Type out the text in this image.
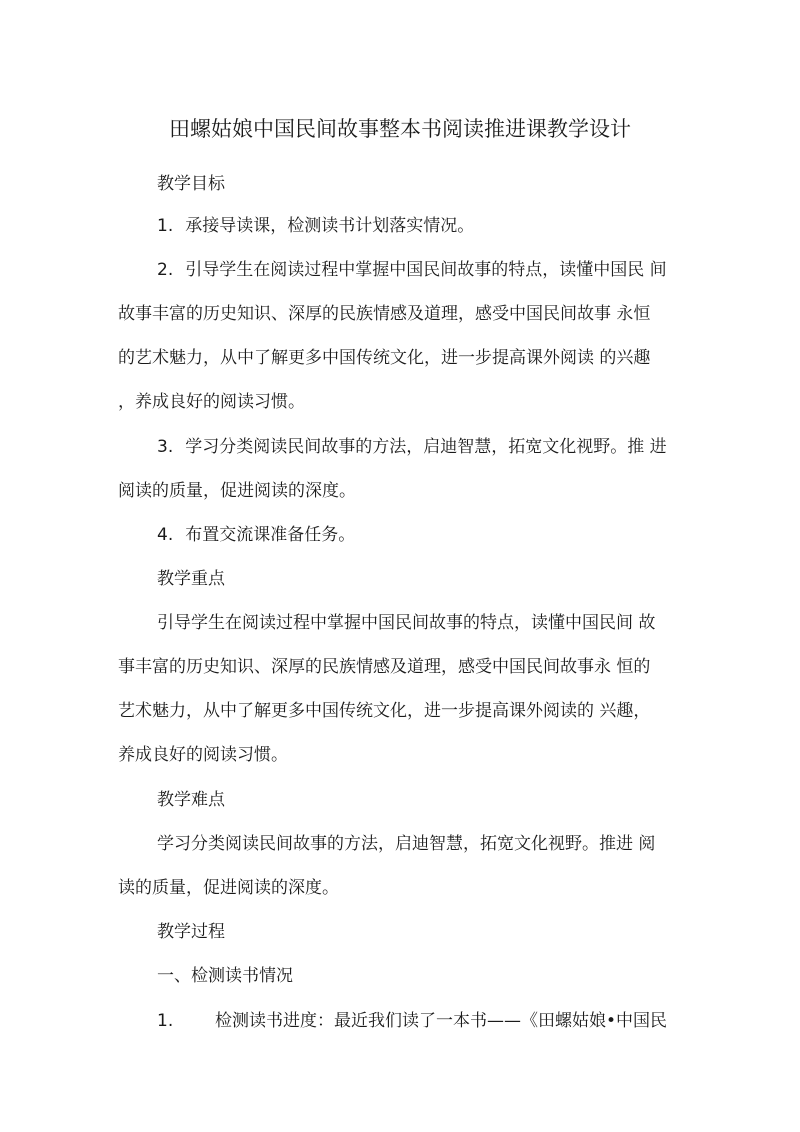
田螺姑娘中国民间故事整本书阅读推进课教学设计
教学目标
1. 承接导读课，检测读书计划落实情况。
2. 引导学生在阅读过程中掌握中国民间故事的特点，读懂中国民 间
故事丰富的历史知识、深厚的民族情感及道理，感受中国民间故事 永恒
的艺术魅力，从中了解更多中国传统文化，进一步提高课外阅读 的兴趣
，养成良好的阅读习惯。
3. 学习分类阅读民间故事的方法，启迪智慧，拓宽文化视野。推 进
阅读的质量，促进阅读的深度。
4. 布置交流课准备任务。
教学重点
引导学生在阅读过程中掌握中国民间故事的特点，读懂中国民间 故
事丰富的历史知识、深厚的民族情感及道理，感受中国民间故事永 恒的
艺术魅力，从中了解更多中国传统文化，进一步提高课外阅读的 兴趣，
养成良好的阅读习惯。
教学难点
学习分类阅读民间故事的方法，启迪智慧，拓宽文化视野。推进 阅
读的质量，促进阅读的深度。
教学过程
一、检测读书情况
1. 检测读书进度：最近我们读了一本书——《田螺姑娘•中国民
